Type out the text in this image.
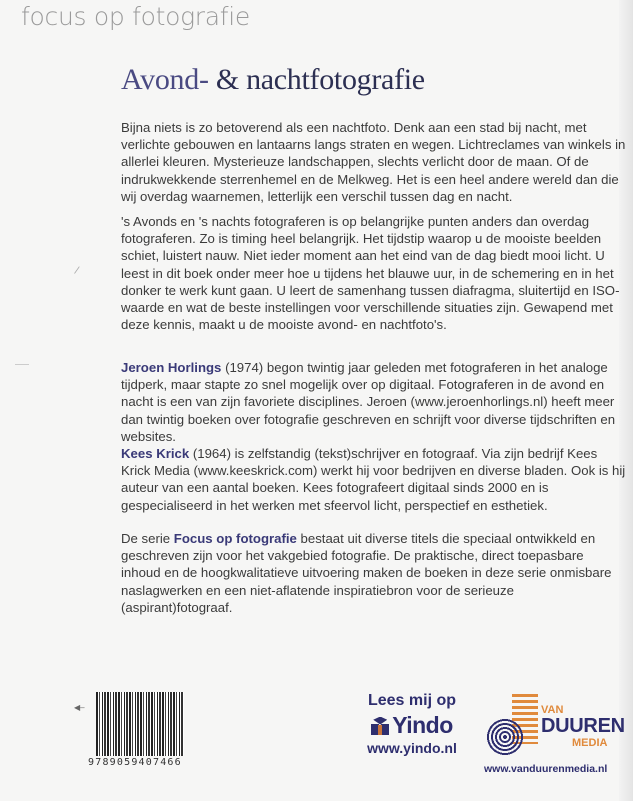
focus op fotografie
Avond- & nachtfotografie
Bijna niets is zo betoverend als een nachtfoto. Denk aan een stad bij nacht, met verlichte gebouwen en lantaarns langs straten en wegen. Lichtreclames van winkels in allerlei kleuren. Mysterieuze landschappen, slechts verlicht door de maan. Of de indrukwekkende sterrenhemel en de Melkweg. Het is een heel andere wereld dan die wij overdag waarnemen, letterlijk een verschil tussen dag en nacht.
's Avonds en 's nachts fotograferen is op belangrijke punten anders dan overdag fotograferen. Zo is timing heel belangrijk. Het tijdstip waarop u de mooiste beelden schiet, luistert nauw. Niet ieder moment aan het eind van de dag biedt mooi licht. U leest in dit boek onder meer hoe u tijdens het blauwe uur, in de schemering en in het donker te werk kunt gaan. U leert de samenhang tussen diafragma, sluitertijd en ISO-waarde en wat de beste instellingen voor verschillende situaties zijn. Gewapend met deze kennis, maakt u de mooiste avond- en nachtfoto's.
/
Jeroen Horlings (1974) begon twintig jaar geleden met fotograferen in het analoge tijdperk, maar stapte zo snel mogelijk over op digitaal. Fotograferen in de avond en nacht is een van zijn favoriete disciplines. Jeroen (www.jeroenhorlings.nl) heeft meer dan twintig boeken over fotografie geschreven en schrijft voor diverse tijdschriften en websites.
Kees Krick (1964) is zelfstandig (tekst)schrijver en fotograaf. Via zijn bedrijf Kees Krick Media (www.keeskrick.com) werkt hij voor bedrijven en diverse bladen. Ook is hij auteur van een aantal boeken. Kees fotografeert digitaal sinds 2000 en is gespecialiseerd in het werken met sfeervol licht, perspectief en esthetiek.
De serie Focus op fotografie bestaat uit diverse titels die speciaal ontwikkeld en geschreven zijn voor het vakgebied fotografie. De praktische, direct toepasbare inhoud en de hoogkwalitatieve uitvoering maken de boeken in deze serie onmisbare naslagwerken en een niet-aflatende inspiratiebron voor de serieuze (aspirant)fotograaf.
◀–
9789059407466
Lees mij op
Yindo
www.yindo.nl
VAN
DUUREN
MEDIA
www.vanduurenmedia.nl
